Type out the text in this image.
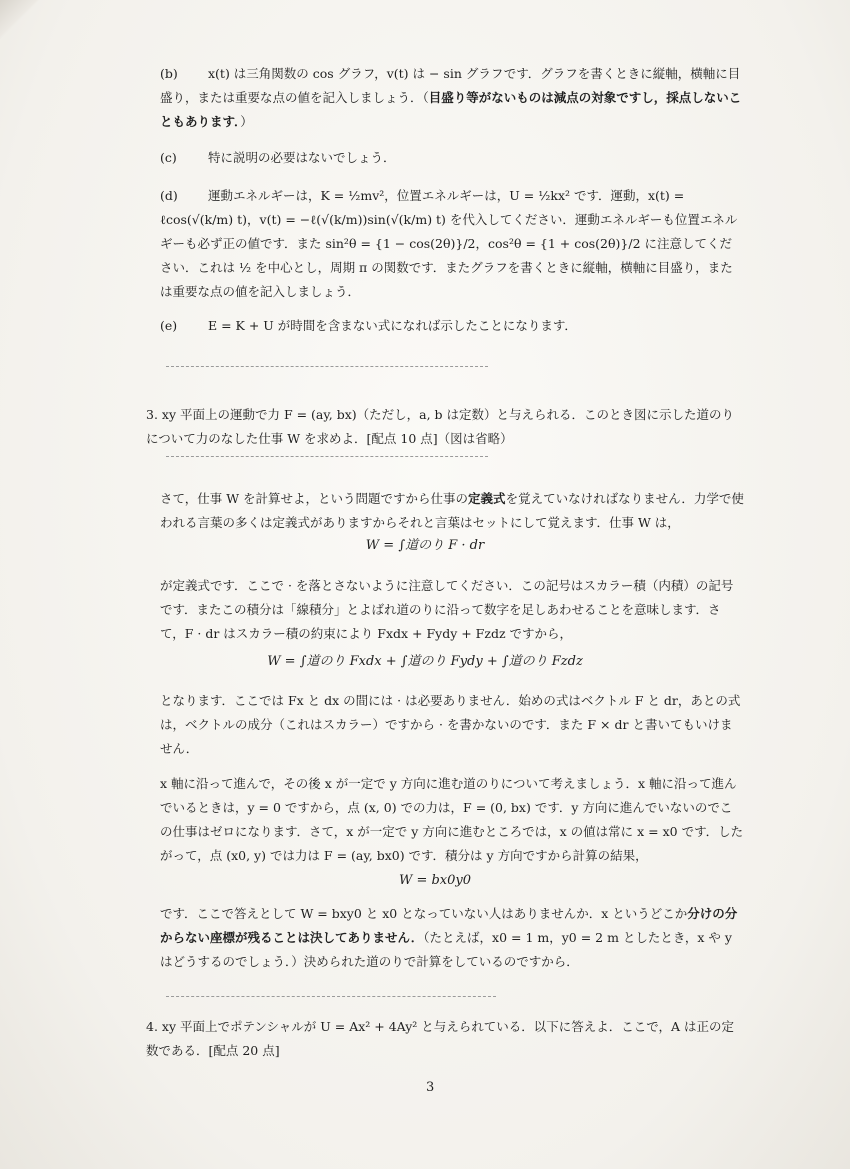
(b) x(t) は三角関数の cos グラフ，v(t) は − sin グラフです．グラフを書くときに縦軸，横軸に目盛り，または重要な点の値を記入しましょう．（目盛り等がないものは減点の対象ですし，採点しないこともあります．）

(c) 特に説明の必要はないでしょう．

(d) 運動エネルギーは，K = ½mv²，位置エネルギーは，U = ½kx² です．運動，x(t) = ℓcos(√(k/m) t)，v(t) = −ℓ(√(k/m))sin(√(k/m) t) を代入してください．運動エネルギーも位置エネルギーも必ず正の値です．また sin²θ = {1 − cos(2θ)}/2，cos²θ = {1 + cos(2θ)}/2 に注意してください．これは ½ を中心とし，周期 π の関数です．またグラフを書くときに縦軸，横軸に目盛り，または重要な点の値を記入しましょう．

(e) E = K + U が時間を含まない式になれば示したことになります．

3. xy 平面上の運動で力 F = (ay, bx)（ただし，a, b は定数）と与えられる．このとき図に示した道のりについて力のなした仕事 W を求めよ．[配点 10 点]（図は省略）

さて，仕事 W を計算せよ，という問題ですから仕事の定義式を覚えていなければなりません．力学で使われる言葉の多くは定義式がありますからそれと言葉はセットにして覚えます．仕事 W は，

W = ∫道のり F · dr

が定義式です．ここで · を落とさないように注意してください．この記号はスカラー積（内積）の記号です．またこの積分は「線積分」とよばれ道のりに沿って数字を足しあわせることを意味します．さて，F · dr はスカラー積の約束により Fxdx + Fydy + Fzdz ですから，

W = ∫道のり Fxdx + ∫道のり Fydy + ∫道のり Fzdz

となります．ここでは Fx と dx の間には · は必要ありません．始めの式はベクトル F と dr，あとの式は，ベクトルの成分（これはスカラー）ですから · を書かないのです．また F × dr と書いてもいけません．

x 軸に沿って進んで，その後 x が一定で y 方向に進む道のりについて考えましょう．x 軸に沿って進んでいるときは，y = 0 ですから，点 (x, 0) での力は，F = (0, bx) です．y 方向に進んでいないのでこの仕事はゼロになります．さて，x が一定で y 方向に進むところでは，x の値は常に x = x0 です．したがって，点 (x0, y) では力は F = (ay, bx0) です．積分は y 方向ですから計算の結果，

W = bx0y0

です．ここで答えとして W = bxy0 と x0 となっていない人はありませんか．x というどこか分けの分からない座標が残ることは決してありません．（たとえば，x0 = 1 m，y0 = 2 m としたとき，x や y はどうするのでしょう．）決められた道のりで計算をしているのですから．

4. xy 平面上でポテンシャルが U = Ax² + 4Ay² と与えられている．以下に答えよ．ここで，A は正の定数である．[配点 20 点]

3
